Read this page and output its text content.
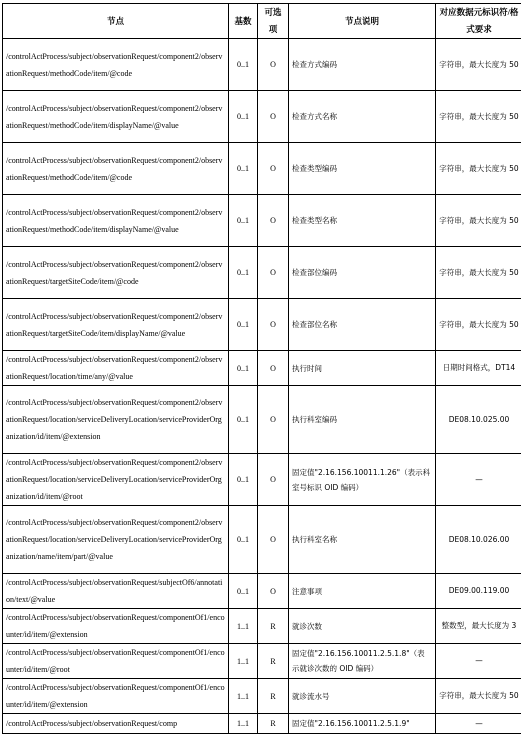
节点	基数	可选项	节点说明	对应数据元标识符/格式要求
/controlActProcess/subject/observationRequest/component2/observationRequest/methodCode/item/@code	0..1	O	检查方式编码	字符串，最大长度为 50
/controlActProcess/subject/observationRequest/component2/observationRequest/methodCode/item/displayName/@value	0..1	O	检查方式名称	字符串，最大长度为 50
/controlActProcess/subject/observationRequest/component2/observationRequest/methodCode/item/@code	0..1	O	检查类型编码	字符串，最大长度为 50
/controlActProcess/subject/observationRequest/component2/observationRequest/methodCode/item/displayName/@value	0..1	O	检查类型名称	字符串，最大长度为 50
/controlActProcess/subject/observationRequest/component2/observationRequest/targetSiteCode/item/@code	0..1	O	检查部位编码	字符串，最大长度为 50
/controlActProcess/subject/observationRequest/component2/observationRequest/targetSiteCode/item/displayName/@value	0..1	O	检查部位名称	字符串，最大长度为 50
/controlActProcess/subject/observationRequest/component2/observationRequest/location/time/any/@value	0..1	O	执行时间	日期时间格式，DT14
/controlActProcess/subject/observationRequest/component2/observationRequest/location/serviceDeliveryLocation/serviceProviderOrganization/id/item/@extension	0..1	O	执行科室编码	DE08.10.025.00
/controlActProcess/subject/observationRequest/component2/observationRequest/location/serviceDeliveryLocation/serviceProviderOrganization/id/item/@root	0..1	O	固定值"2.16.156.10011.1.26"（表示科室号标识 OID 编码）	—
/controlActProcess/subject/observationRequest/component2/observationRequest/location/serviceDeliveryLocation/serviceProviderOrganization/name/item/part/@value	0..1	O	执行科室名称	DE08.10.026.00
/controlActProcess/subject/observationRequest/subjectOf6/annotation/text/@value	0..1	O	注意事项	DE09.00.119.00
/controlActProcess/subject/observationRequest/componentOf1/encounter/id/item/@extension	1..1	R	就诊次数	整数型，最大长度为 3
/controlActProcess/subject/observationRequest/componentOf1/encounter/id/item/@root	1..1	R	固定值"2.16.156.10011.2.5.1.8"（表示就诊次数的 OID 编码）	—
/controlActProcess/subject/observationRequest/componentOf1/encounter/id/item/@extension	1..1	R	就诊流水号	字符串，最大长度为 50
/controlActProcess/subject/observationRequest/comp	1..1	R	固定值"2.16.156.10011.2.5.1.9"	—
